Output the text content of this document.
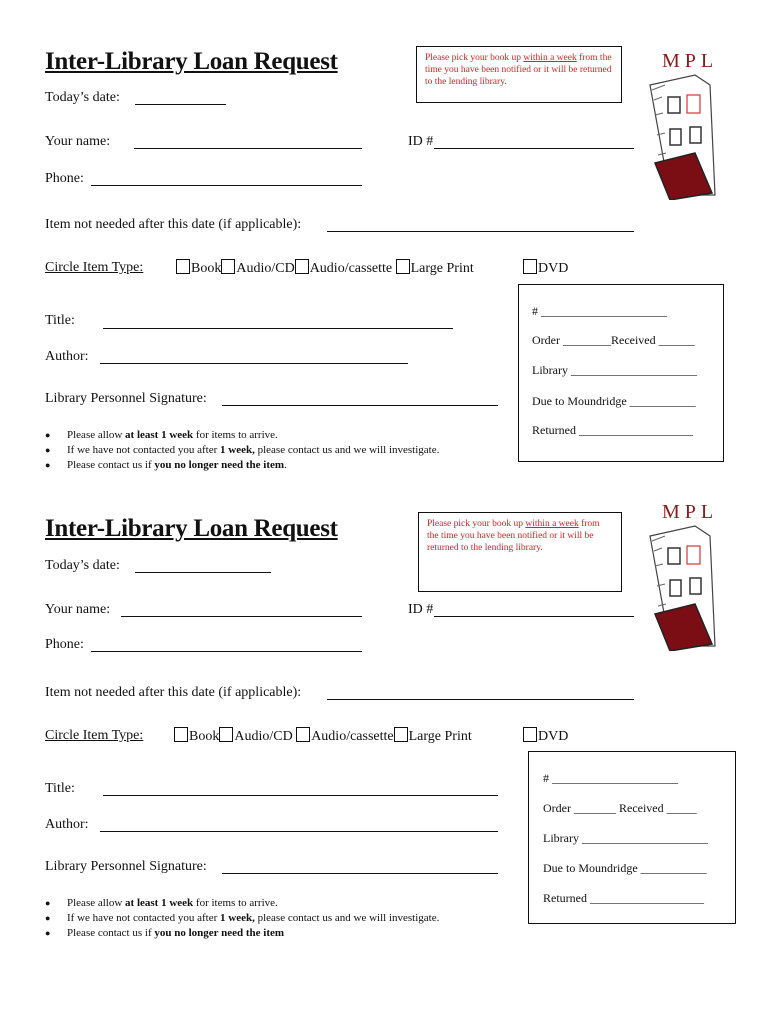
Inter-Library Loan Request	Please pick your book up within a week from the time you have been notified or it will be returned to the lending library.
MPL
Today’s date:
Your name:	ID #
Phone:
Item not needed after this date (if applicable):
Circle Item Type:	Book Audio/CD Audio/cassette Large Print	DVD
Title:
Author:
Library Personnel Signature:
● Please allow at least 1 week for items to arrive.
● If we have not contacted you after 1 week, please contact us and we will investigate.
● Please contact us if you no longer need the item.
# _____________________
Order ________Received ______
Library _____________________
Due to Moundridge ___________
Returned ___________________
Inter-Library Loan Request	Please pick your book up within a week from the time you have been notified or it will be returned to the lending library.
MPL
Today’s date:
Your name:	ID #
Phone:
Item not needed after this date (if applicable):
Circle Item Type:	Book Audio/CD Audio/cassette Large Print	DVD
Title:
Author:
Library Personnel Signature:
● Please allow at least 1 week for items to arrive.
● If we have not contacted you after 1 week, please contact us and we will investigate.
● Please contact us if you no longer need the item
# _____________________
Order _______ Received _____
Library _____________________
Due to Moundridge ___________
Returned ___________________
